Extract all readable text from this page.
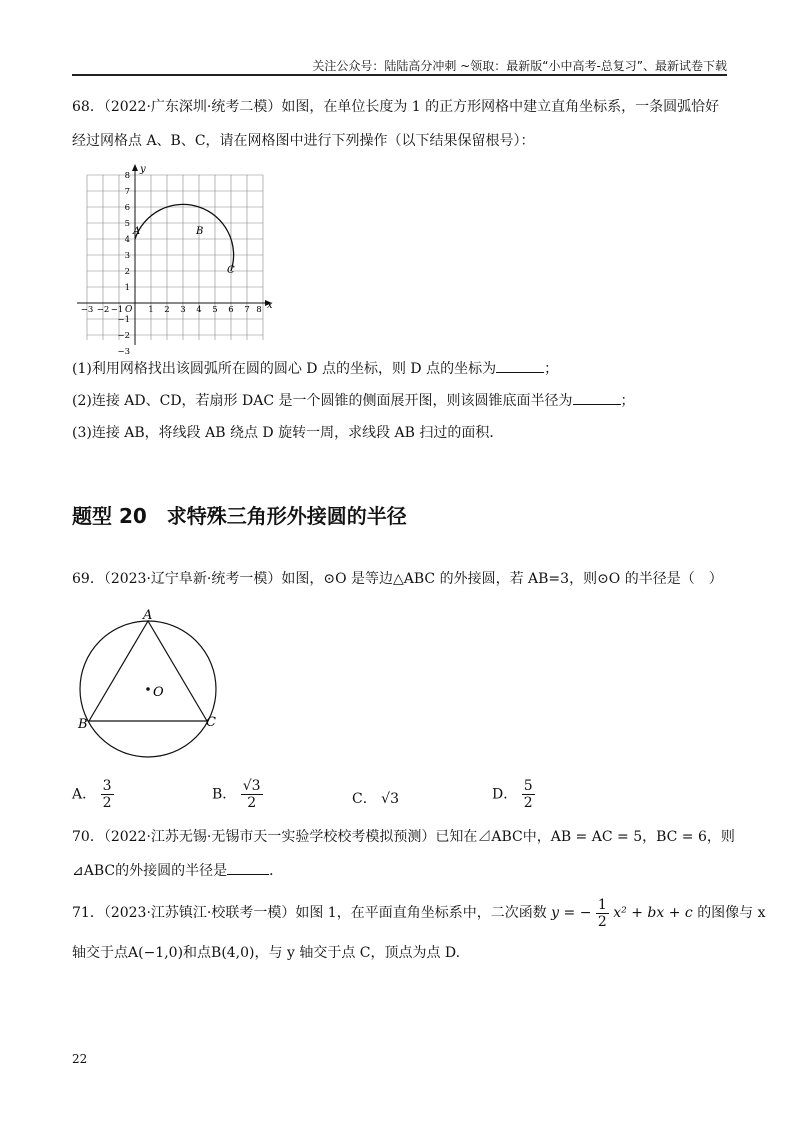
关注公众号：陆陆高分冲刺 ~领取：最新版“小中高考-总复习”、最新试卷下载
68．（2022·广东深圳·统考二模）如图，在单位长度为 1 的正方形网格中建立直角坐标系，一条圆弧恰好
经过网格点 A、B、C，请在网格图中进行下列操作（以下结果保留根号）：
x
y
O
−3 −2 −1	1 2 3 4 5 6 7 8
8
7
6
5
4
3
2
1
−1
−2
−3
A	B
C
(1)利用网格找出该圆弧所在圆的圆心 D 点的坐标，则 D 点的坐标为	；
(2)连接 AD、CD，若扇形 DAC 是一个圆锥的侧面展开图，则该圆锥底面半径为	；
(3)连接 AB，将线段 AB 绕点 D 旋转一周，求线段 AB 扫过的面积．
题型 20　求特殊三角形外接圆的半径
69．（2023·辽宁阜新·统考一模）如图，⊙O 是等边△ABC 的外接圆，若 AB=3，则⊙O 的半径是（　）
A
B	C
O
A． $\frac{3}{2}$	B． $\frac{√3}{2}$	C． √3	D． $\frac{5}{2}$
70．（2022·江苏无锡·无锡市天一实验学校校考模拟预测）已知在⊿ABC中，AB = AC = 5，BC = 6，则
⊿ABC的外接圆的半径是	．
71．（2023·江苏镇江·校联考一模）如图 1，在平面直角坐标系中，二次函数 y = − $\frac{1}{2} x^2$ + bx + c 的图像与 x
轴交于点A(−1,0)和点B(4,0)，与 y 轴交于点 C，顶点为点 D.
22
